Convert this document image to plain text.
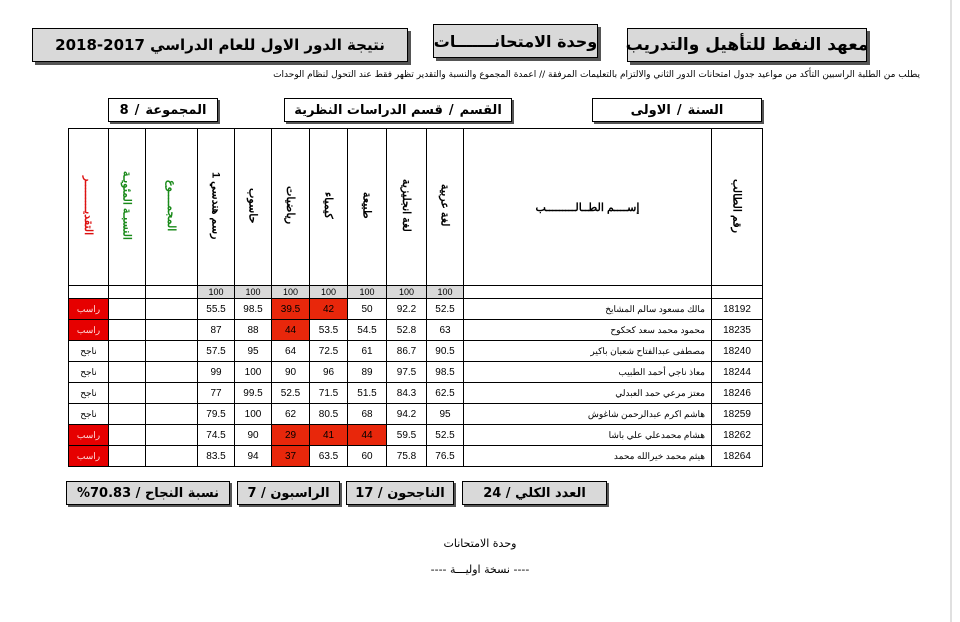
معهد النفط للتأهيل والتدريب
وحدة الامتحانـــــــات
نتيجة الدور الاول للعام الدراسي 2017-2018
يطلب من الطلبة الراسبين التأكد من مواعيد جدول امتحانات الدور الثاني والالتزام بالتعليمات المرفقة // اعمدة المجموع والنسبة والتقدير تظهر فقط عند التحول لنظام الوحدات
السنة
/
الاولى
القسم
/
قسم الدراسات النظرية
المجموعة
/
8
التقديـــــــــر	النسبـة المئويـة	المجمــــوع	رسم هندسي 1	حاسوب	رياضيات	كيمياء	طبيعة	لغة انجليزية	لغة عربية	إســــم الطــالـــــــــب	رقم الطالب
			100	100	100	100	100	100	100		
راسب			55.5	98.5	39.5	42	50	92.2	52.5	مالك مسعود سالم المشايخ	18192
راسب			87	88	44	53.5	54.5	52.8	63	محمود محمد سعد كحكوح	18235
ناجح			57.5	95	64	72.5	61	86.7	90.5	مصطفى عبدالفتاح شعبان باكير	18240
ناجح			99	100	90	96	89	97.5	98.5	معاذ ناجي أحمد الطبيب	18244
ناجح			77	99.5	52.5	71.5	51.5	84.3	62.5	معتز مرعي حمد العبدلي	18246
ناجح			79.5	100	62	80.5	68	94.2	95	هاشم اكرم عبدالرحمن شاغوش	18259
راسب			74.5	90	29	41	44	59.5	52.5	هشام محمدعلي علي باشا	18262
راسب			83.5	94	37	63.5	60	75.8	76.5	هيثم محمد خيرالله محمد	18264
العدد الكلي / 24
الناجحون / 17
الراسبون / 7
نسبة النجاح / 70.83%
وحدة الامتحانات
---- نسخة اوليـــة ----
